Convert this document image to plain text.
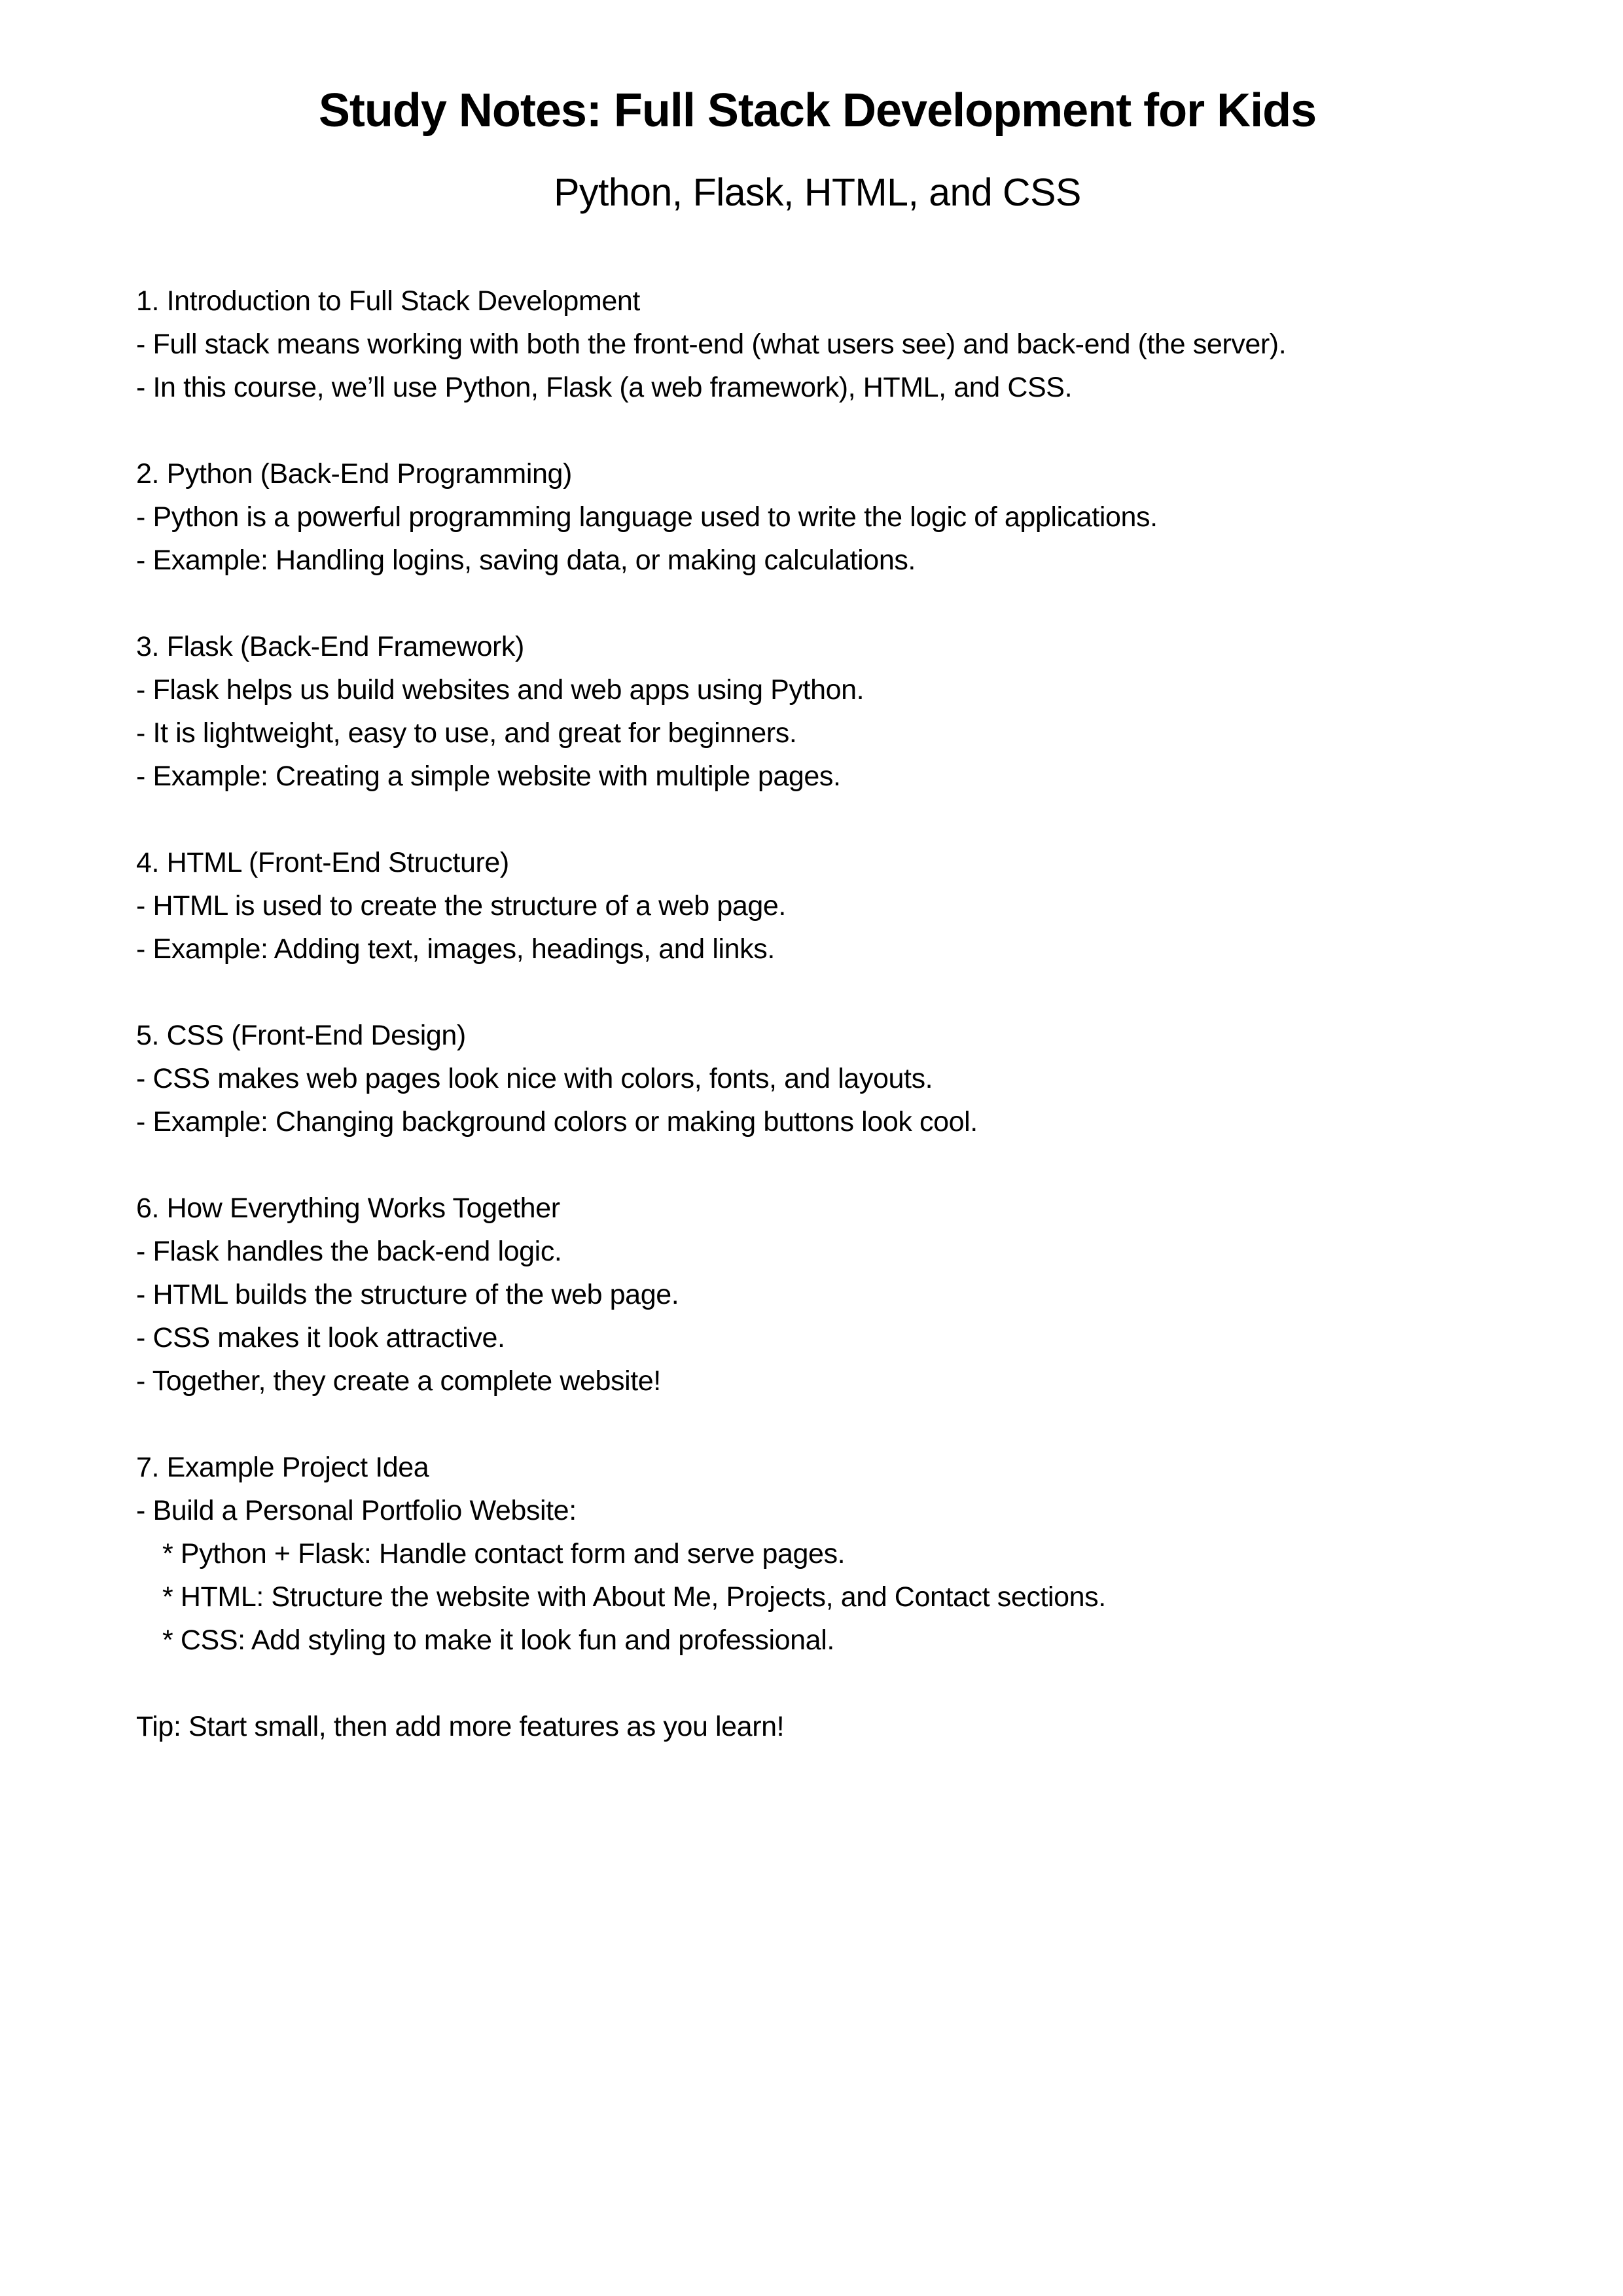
Study Notes: Full Stack Development for Kids
Python, Flask, HTML, and CSS

1. Introduction to Full Stack Development

- Full stack means working with both the front-end (what users see) and back-end (the server).

- In this course, we’ll use Python, Flask (a web framework), HTML, and CSS.

2. Python (Back-End Programming)

- Python is a powerful programming language used to write the logic of applications.

- Example: Handling logins, saving data, or making calculations.

3. Flask (Back-End Framework)

- Flask helps us build websites and web apps using Python.

- It is lightweight, easy to use, and great for beginners.

- Example: Creating a simple website with multiple pages.

4. HTML (Front-End Structure)

- HTML is used to create the structure of a web page.

- Example: Adding text, images, headings, and links.

5. CSS (Front-End Design)

- CSS makes web pages look nice with colors, fonts, and layouts.

- Example: Changing background colors or making buttons look cool.

6. How Everything Works Together

- Flask handles the back-end logic.

- HTML builds the structure of the web page.

- CSS makes it look attractive.

- Together, they create a complete website!

7. Example Project Idea

- Build a Personal Portfolio Website:

* Python + Flask: Handle contact form and serve pages.

* HTML: Structure the website with About Me, Projects, and Contact sections.

* CSS: Add styling to make it look fun and professional.

Tip: Start small, then add more features as you learn!
